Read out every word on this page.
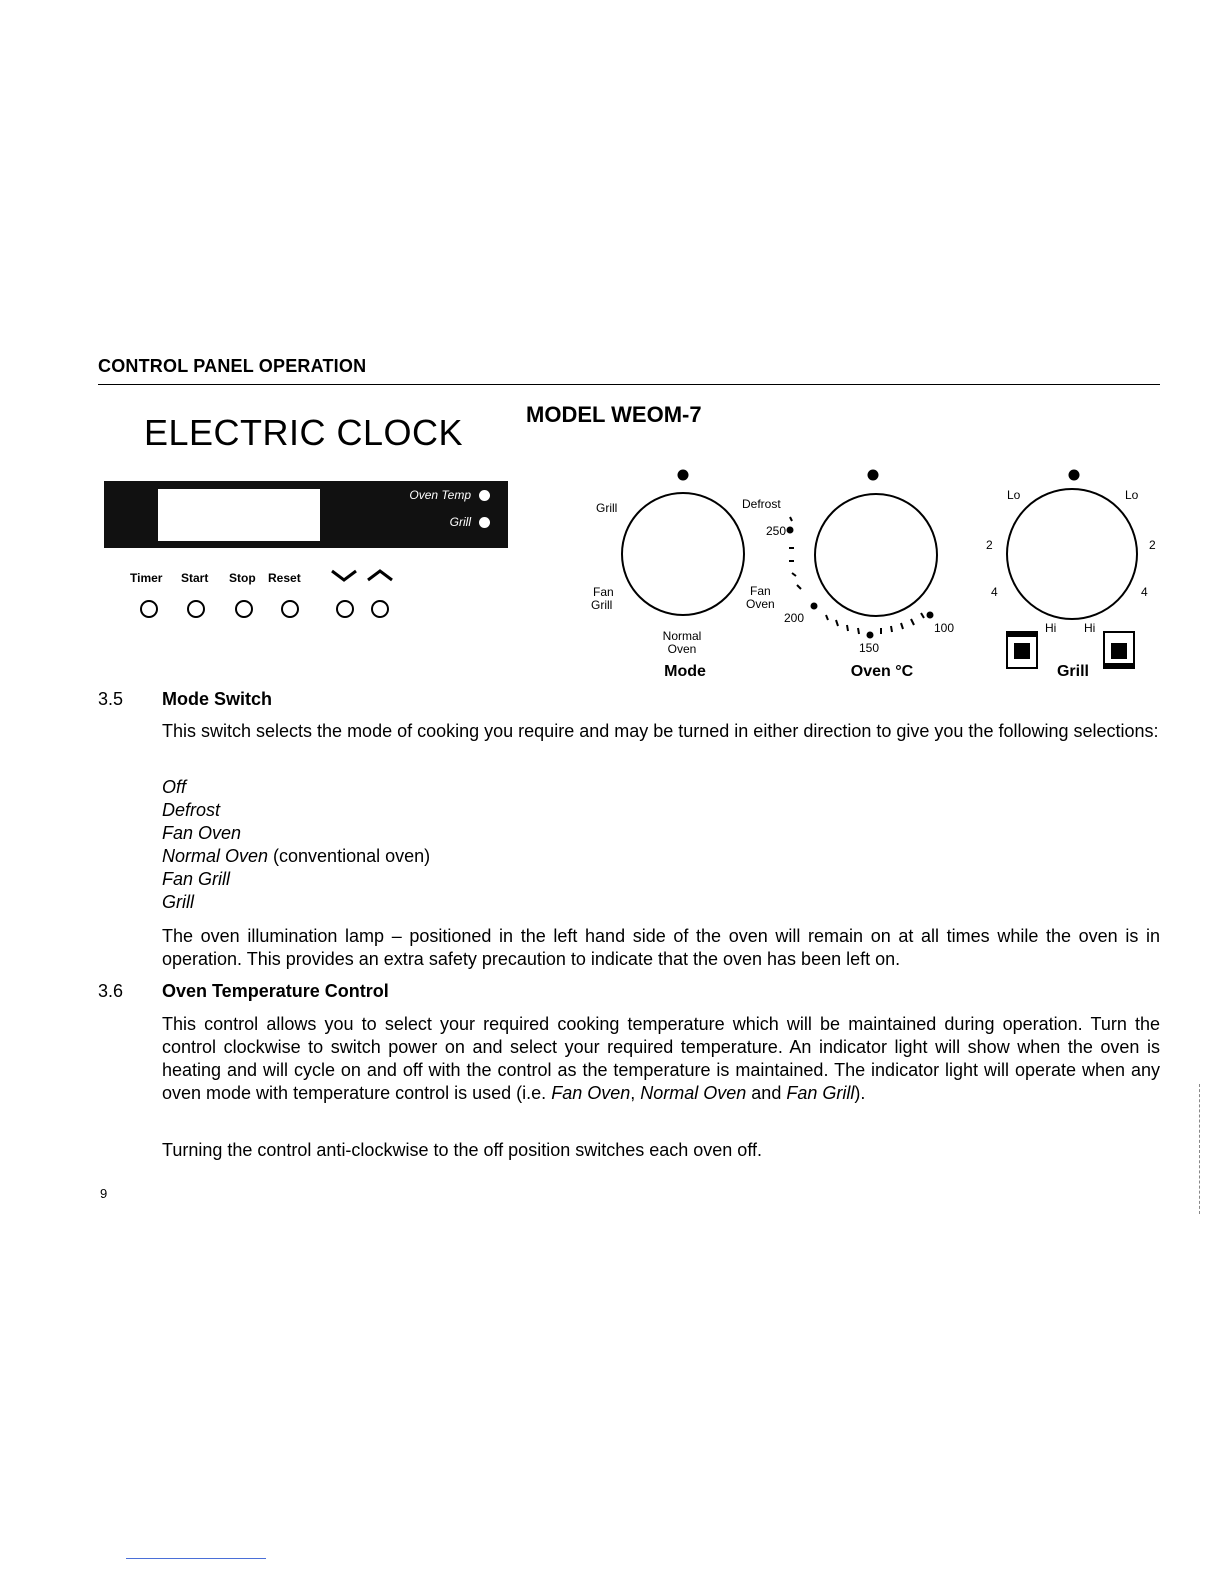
CONTROL PANEL OPERATION
ELECTRIC CLOCK	MODEL WEOM-7
Oven Temp
Grill
Timer Start Stop Reset
Grill	Defrost
Fan
Grill
Fan
Oven
Normal
Oven
Mode
250
200
150
100
Oven °C
Lo	Lo
2	2
4	4
Hi Hi
Grill
3.5 Mode Switch
This switch selects the mode of cooking you require and may be turned in either direction to give you the following selections:
Off
Defrost
Fan Oven
Normal Oven (conventional oven)
Fan Grill
Grill
The oven illumination lamp – positioned in the left hand side of the oven will remain on at all times while the oven is in operation. This provides an extra safety precaution to indicate that the oven has been left on.
3.6 Oven Temperature Control
This control allows you to select your required cooking temperature which will be maintained during operation. Turn the control clockwise to switch power on and select your required temperature. An indicator light will show when the oven is heating and will cycle on and off with the control as the temperature is maintained. The indicator light will operate when any oven mode with temperature control is used (i.e. Fan Oven, Normal Oven and Fan Grill).
Turning the control anti-clockwise to the off position switches each oven off.
9
